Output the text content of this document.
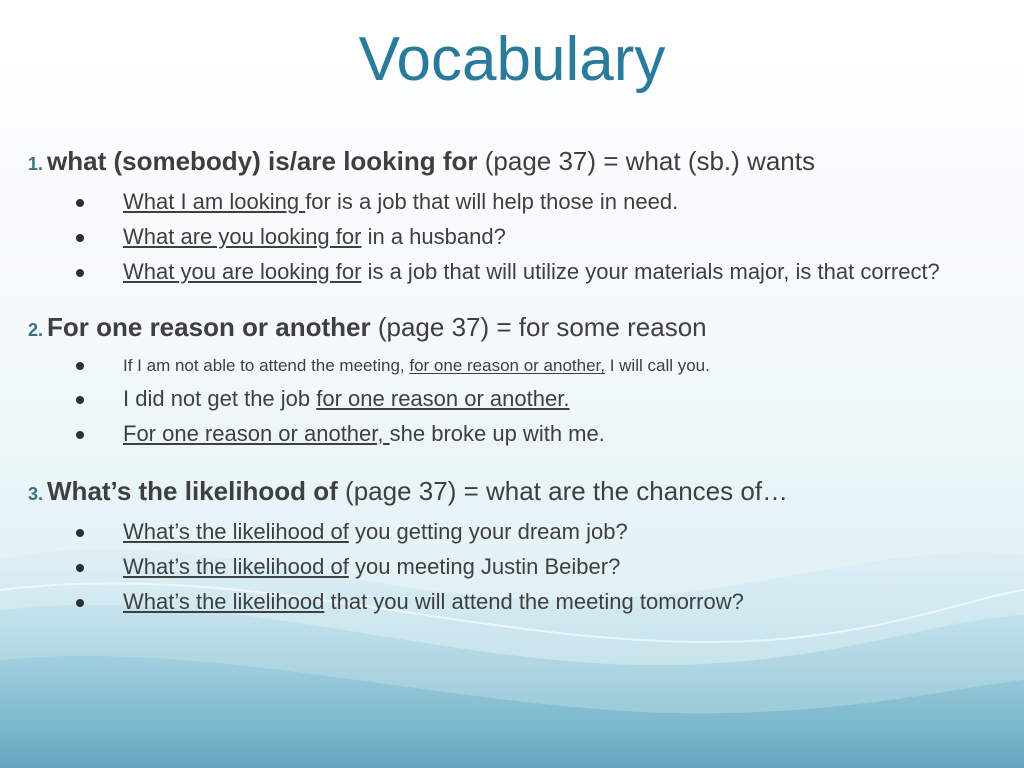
Vocabulary
1. what (somebody) is/are looking for (page 37) = what (sb.) wants
What I am looking for is a job that will help those in need.
What are you looking for in a husband?
What you are looking for is a job that will utilize your materials major, is that correct?
2. For one reason or another (page 37) = for some reason
If I am not able to attend the meeting, for one reason or another, I will call you.
I did not get the job for one reason or another.
For one reason or another, she broke up with me.
3. What’s the likelihood of (page 37) = what are the chances of…
What’s the likelihood of you getting your dream job?
What’s the likelihood of you meeting Justin Beiber?
What’s the likelihood that you will attend the meeting tomorrow?
